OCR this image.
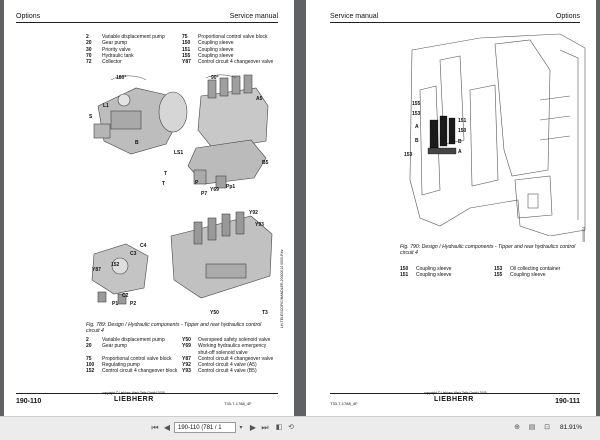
Options	Service manual
2	Variable displacement pump
20	Gear pump
30	Priority valve
70	Hydraulic tank
72	Collector
75	Proportional control valve block
150	Coupling sleeve
151	Coupling sleeve
155	Coupling sleeve
Y87	Control circuit 4 changeover valve
180°	90°
A5
L1
S
B
LS1
B5
T
T	P
P7
Y69 Pp1
Y92
Y93
C4
C3
Y87
152
C2
P1 P2
Y50	T3
Fig. 789: Design / Hydraulic components - Tipper and rear hydraulics control circuit 4
2	Variable displacement pump
20	Gear pump
75	Proportional control valve block
100	Regulating pump
152	Control circuit 4 changeover block
Y50	Overspeed safety solenoid valve
Y69	Working hydraulics emergency shut-off solenoid valve
Y87	Control circuit 4 changeover valve
Y92	Control circuit 4 valve (A5)
Y93	Control circuit 4 valve (B5)
LH-TELESCOPIC/HANDLER-20000014 0000-Rev.
190-110
copyright © Liebherr-Werk Telfs GmbH 2005
LIEBHERR
T33-7-1788_4F
Service manual	Options
155
153
A
B
153
151
150
B
A
00000001
Fig. 790: Design / Hydraulic components - Tipper and rear hydraulics control circuit 4
150	Coupling sleeve
151	Coupling sleeve
153	Oil collecting container
155	Coupling sleeve
T33-7-1788_4F
copyright © Liebherr-Werk Telfs GmbH 2005
LIEBHERR	190-111
⏮ ◀	190-110 (781 / 1	▾ ▶ ⏭ ◧ ⟲	⊕ ▤ ⊡	81.91%
